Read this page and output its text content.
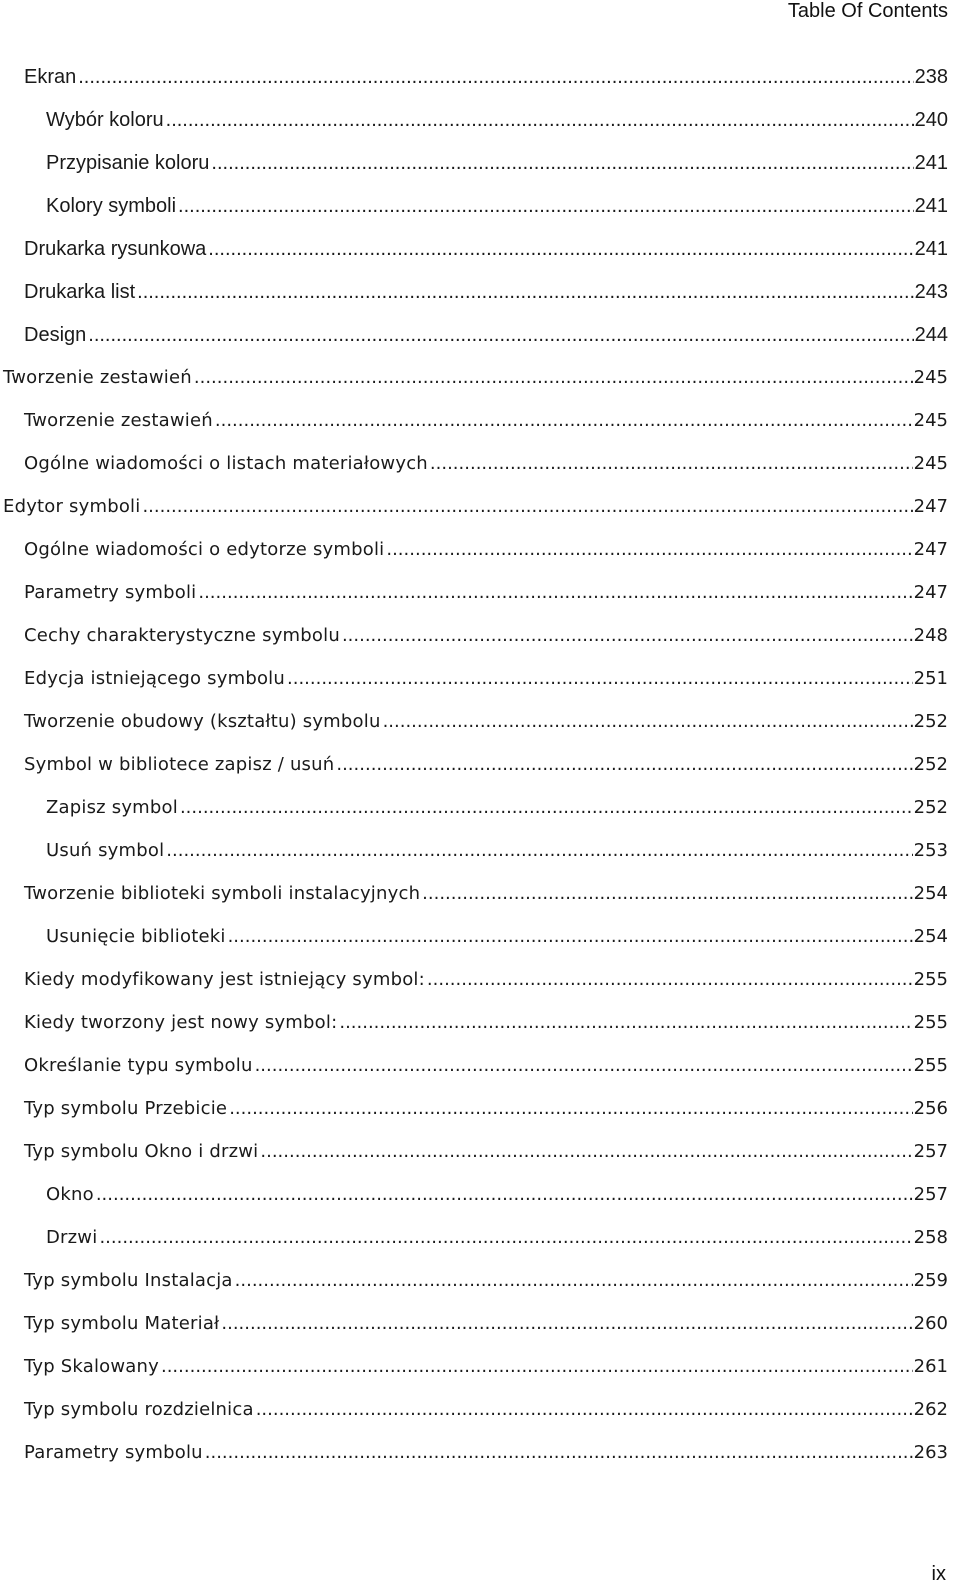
Table Of Contents
Ekran .....	238
Wybór koloru .....	240
Przypisanie koloru .....	241
Kolory symboli .....	241
Drukarka rysunkowa .....	241
Drukarka list .....	243
Design .....	244
Tworzenie zestawień .....	245
Tworzenie zestawień .....	245
Ogólne wiadomości o listach materiałowych .....	245
Edytor symboli .....	247
Ogólne wiadomości o edytorze symboli .....	247
Parametry symboli .....	247
Cechy charakterystyczne symbolu .....	248
Edycja istniejącego symbolu .....	251
Tworzenie obudowy (kształtu) symbolu .....	252
Symbol w bibliotece zapisz / usuń .....	252
Zapisz symbol .....	252
Usuń symbol .....	253
Tworzenie biblioteki symboli instalacyjnych .....	254
Usunięcie biblioteki .....	254
Kiedy modyfikowany jest istniejący symbol: .....	255
Kiedy tworzony jest nowy symbol: .....	255
Określanie typu symbolu .....	255
Typ symbolu Przebicie .....	256
Typ symbolu Okno i drzwi .....	257
Okno .....	257
Drzwi .....	258
Typ symbolu Instalacja .....	259
Typ symbolu Materiał .....	260
Typ Skalowany .....	261
Typ symbolu rozdzielnica .....	262
Parametry symbolu .....	263
ix
